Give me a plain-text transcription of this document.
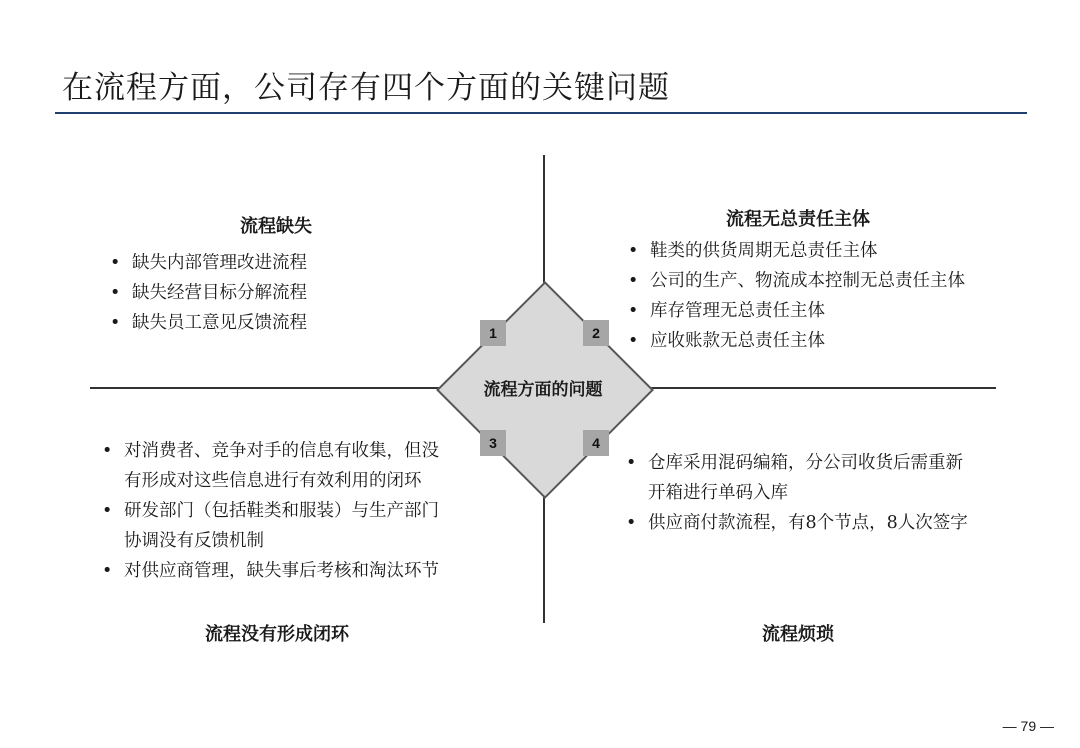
在流程方面，公司存有四个方面的关键问题
流程方面的问题
1	2
3	4
流程缺失
• 缺失内部管理改进流程
• 缺失经营目标分解流程
• 缺失员工意见反馈流程
流程无总责任主体
• 鞋类的供货周期无总责任主体
• 公司的生产、物流成本控制无总责任主体
• 库存管理无总责任主体
• 应收账款无总责任主体
• 对消费者、竞争对手的信息有收集，但没
有形成对这些信息进行有效利用的闭环
• 研发部门（包括鞋类和服装）与生产部门
协调没有反馈机制
• 对供应商管理，缺失事后考核和淘汰环节
流程没有形成闭环
• 仓库采用混码编箱，分公司收货后需重新
开箱进行单码入库
• 供应商付款流程，有8个节点，8人次签字
流程烦琐
— 79 —
